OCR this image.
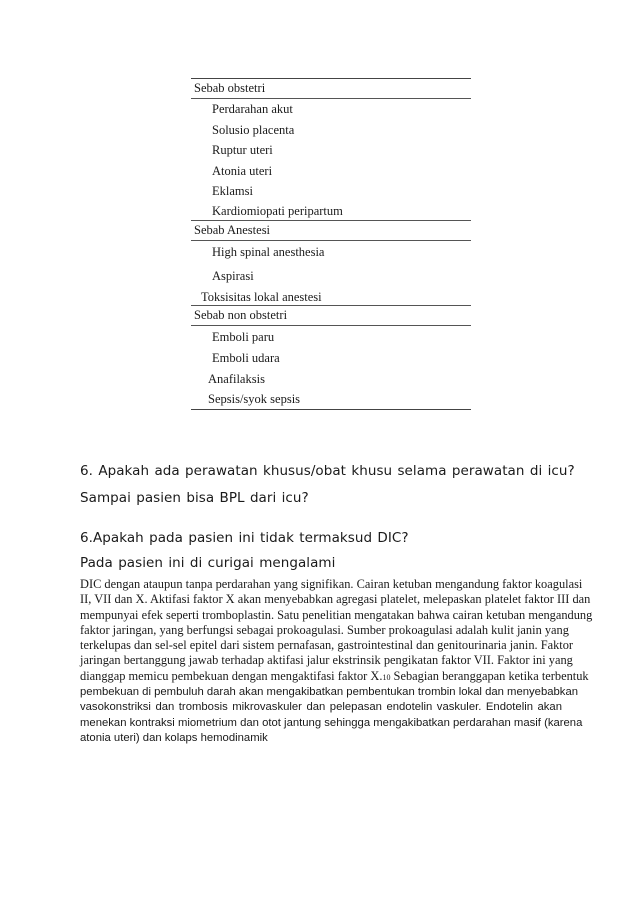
Sebab obstetri
Perdarahan akut
Solusio placenta
Ruptur uteri
Atonia uteri
Eklamsi
Kardiomiopati peripartum
Sebab Anestesi
High spinal anesthesia
Aspirasi
Toksisitas lokal anestesi
Sebab non obstetri
Emboli paru
Emboli udara
Anafilaksis
Sepsis/syok sepsis
6. Apakah ada perawatan khusus/obat khusu selama perawatan di icu?
Sampai pasien bisa BPL dari icu?
6.Apakah pada pasien ini tidak termaksud DIC?
Pada pasien ini di curigai mengalami
DIC dengan ataupun tanpa perdarahan yang signifikan. Cairan ketuban mengandung faktor koagulasi
II, VII dan X. Aktifasi faktor X akan menyebabkan agregasi platelet, melepaskan platelet faktor III dan
mempunyai efek seperti tromboplastin. Satu penelitian mengatakan bahwa cairan ketuban mengandung
faktor jaringan, yang berfungsi sebagai prokoagulasi. Sumber prokoagulasi adalah kulit janin yang
terkelupas dan sel-sel epitel dari sistem pernafasan, gastrointestinal dan genitourinaria janin. Faktor
jaringan bertanggung jawab terhadap aktifasi jalur ekstrinsik pengikatan faktor VII. Faktor ini yang
dianggap memicu pembekuan dengan mengaktifasi faktor X.10 Sebagian beranggapan ketika terbentuk
pembekuan di pembuluh darah akan mengakibatkan pembentukan trombin lokal dan menyebabkan
vasokonstriksi dan trombosis mikrovaskuler dan pelepasan endotelin vaskuler. Endotelin akan
menekan kontraksi miometrium dan otot jantung sehingga mengakibatkan perdarahan masif (karena
atonia uteri) dan kolaps hemodinamik
